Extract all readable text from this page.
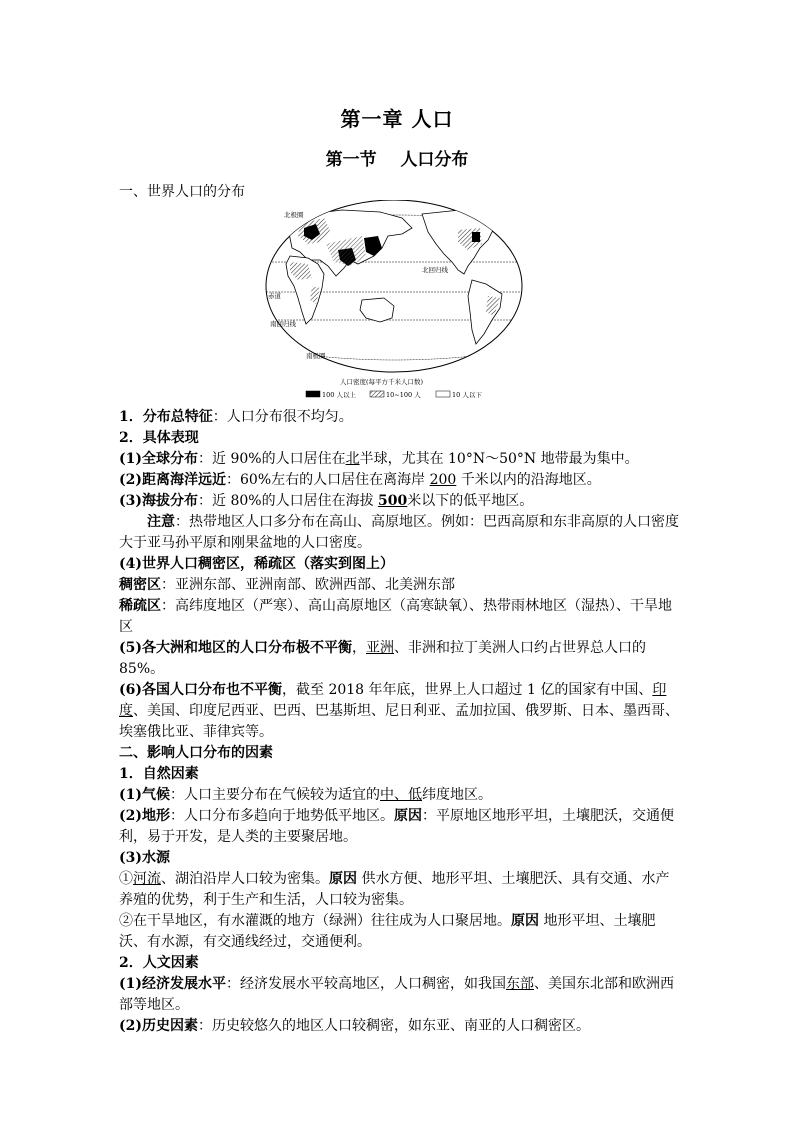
第一章 人口
第一节    人口分布
一、世界人口的分布
北极圈
北回归线
赤道
南回归线
南极圈
人口密度(每平方千米人口数)
100 人以上	10~100 人	10 人以下

1．分布总特征：人口分布很不均匀。

2．具体表现

(1)全球分布：近 90%的人口居住在北半球，尤其在 10°N～50°N 地带最为集中。

(2)距离海洋远近：60%左右的人口居住在离海岸 200 千米以内的沿海地区。

(3)海拔分布：近 80%的人口居住在海拔 500米以下的低平地区。

注意：热带地区人口多分布在高山、高原地区。例如：巴西高原和东非高原的人口密度大于亚马孙平原和刚果盆地的人口密度。

(4)世界人口稠密区，稀疏区（落实到图上）

稠密区：亚洲东部、亚洲南部、欧洲西部、北美洲东部

稀疏区：高纬度地区（严寒）、高山高原地区（高寒缺氧）、热带雨林地区（湿热）、干旱地区

(5)各大洲和地区的人口分布极不平衡，亚洲、非洲和拉丁美洲人口约占世界总人口的 85%。

(6)各国人口分布也不平衡，截至 2018 年年底，世界上人口超过 1 亿的国家有中国、印度、美国、印度尼西亚、巴西、巴基斯坦、尼日利亚、孟加拉国、俄罗斯、日本、墨西哥、埃塞俄比亚、菲律宾等。

二、影响人口分布的因素

1．自然因素

(1)气候：人口主要分布在气候较为适宜的中、低纬度地区。

(2)地形：人口分布多趋向于地势低平地区。原因：平原地区地形平坦，土壤肥沃，交通便利，易于开发，是人类的主要聚居地。

(3)水源

①河流、湖泊沿岸人口较为密集。原因 供水方便、地形平坦、土壤肥沃、具有交通、水产养殖的优势，利于生产和生活，人口较为密集。

②在干旱地区，有水灌溉的地方（绿洲）往往成为人口聚居地。原因 地形平坦、土壤肥沃、有水源，有交通线经过，交通便利。

2．人文因素

(1)经济发展水平：经济发展水平较高地区，人口稠密，如我国东部、美国东北部和欧洲西部等地区。

(2)历史因素：历史较悠久的地区人口较稠密，如东亚、南亚的人口稠密区。
